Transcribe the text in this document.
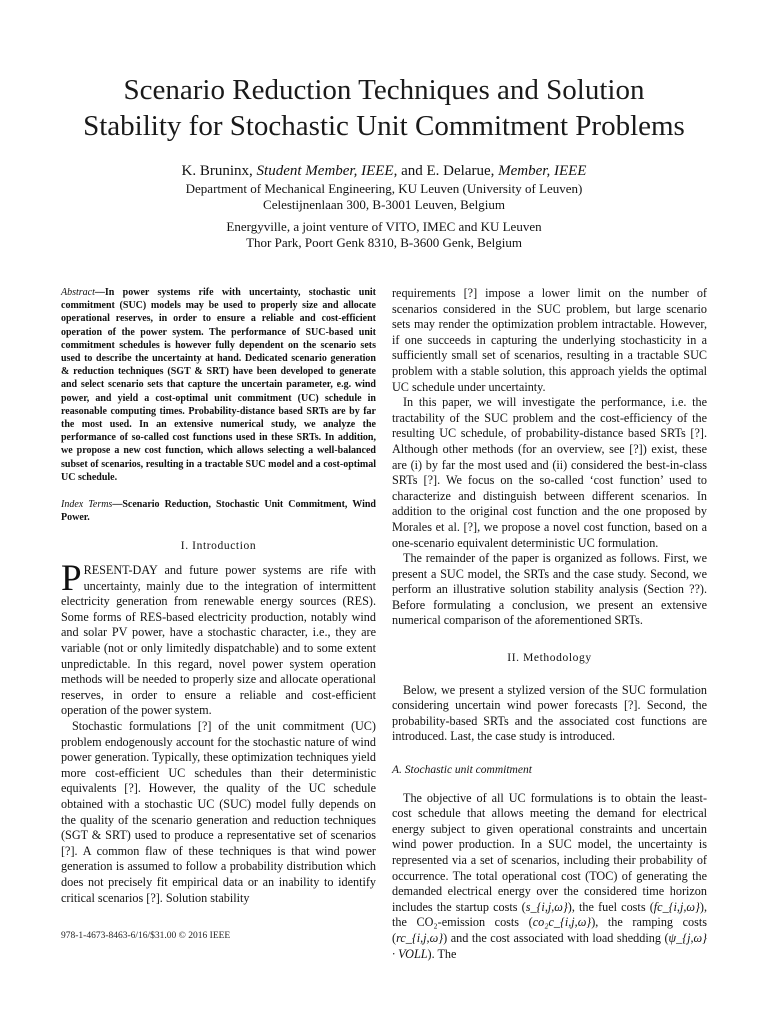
Scenario Reduction Techniques and Solution
Stability for Stochastic Unit Commitment Problems
K. Bruninx, Student Member, IEEE, and E. Delarue, Member, IEEE
Department of Mechanical Engineering, KU Leuven (University of Leuven)
Celestijnenlaan 300, B-3001 Leuven, Belgium
Energyville, a joint venture of VITO, IMEC and KU Leuven
Thor Park, Poort Genk 8310, B-3600 Genk, Belgium
Abstract—In power systems rife with uncertainty, stochastic unit commitment (SUC) models may be used to properly size and allocate operational reserves, in order to ensure a reliable and cost-efficient operation of the power system. The performance of SUC-based unit commitment schedules is however fully dependent on the scenario sets used to describe the uncertainty at hand. Dedicated scenario generation & reduction techniques (SGT & SRT) have been developed to generate and select scenario sets that capture the uncertain parameter, e.g. wind power, and yield a cost-optimal unit commitment (UC) schedule in reasonable computing times. Probability-distance based SRTs are by far the most used. In an extensive numerical study, we analyze the performance of so-called cost functions used in these SRTs. In addition, we propose a new cost function, which allows selecting a well-balanced subset of scenarios, resulting in a tractable SUC model and a cost-optimal UC schedule.
Index Terms—Scenario Reduction, Stochastic Unit Commitment, Wind Power.
I. Introduction

PRESENT-DAY and future power systems are rife with uncertainty, mainly due to the integration of intermittent electricity generation from renewable energy sources (RES). Some forms of RES-based electricity production, notably wind and solar PV power, have a stochastic character, i.e., they are variable (not or only limitedly dispatchable) and to some extent unpredictable. In this regard, novel power system operation methods will be needed to properly size and allocate operational reserves, in order to ensure a reliable and cost-efficient operation of the power system.

Stochastic formulations [?] of the unit commitment (UC) problem endogenously account for the stochastic nature of wind power generation. Typically, these optimization techniques yield more cost-efficient UC schedules than their deterministic equivalents [?]. However, the quality of the UC schedule obtained with a stochastic UC (SUC) model fully depends on the quality of the scenario generation and reduction techniques (SGT & SRT) used to produce a representative set of scenarios [?]. A common flaw of these techniques is that wind power generation is assumed to follow a probability distribution which does not precisely fit empirical data or an inability to identify critical scenarios [?]. Solution stability

requirements [?] impose a lower limit on the number of scenarios considered in the SUC problem, but large scenario sets may render the optimization problem intractable. However, if one succeeds in capturing the underlying stochasticity in a sufficiently small set of scenarios, resulting in a tractable SUC problem with a stable solution, this approach yields the optimal UC schedule under uncertainty.

In this paper, we will investigate the performance, i.e. the tractability of the SUC problem and the cost-efficiency of the resulting UC schedule, of probability-distance based SRTs [?]. Although other methods (for an overview, see [?]) exist, these are (i) by far the most used and (ii) considered the best-in-class SRTs [?]. We focus on the so-called ‘cost function’ used to characterize and distinguish between different scenarios. In addition to the original cost function and the one proposed by Morales et al. [?], we propose a novel cost function, based on a one-scenario equivalent deterministic UC formulation.

The remainder of the paper is organized as follows. First, we present a SUC model, the SRTs and the case study. Second, we perform an illustrative solution stability analysis (Section ??). Before formulating a conclusion, we present an extensive numerical comparison of the aforementioned SRTs.

II. Methodology

Below, we present a stylized version of the SUC formulation considering uncertain wind power forecasts [?]. Second, the probability-based SRTs and the associated cost functions are introduced. Last, the case study is introduced.

A. Stochastic unit commitment

The objective of all UC formulations is to obtain the least-cost schedule that allows meeting the demand for electrical energy subject to given operational constraints and uncertain wind power production. In a SUC model, the uncertainty is represented via a set of scenarios, including their probability of occurrence. The total operational cost (TOC) of generating the demanded electrical energy over the considered time horizon includes the startup costs (s_{i,j,ω}), the fuel costs (fc_{i,j,ω}), the CO₂-emission costs (co₂c_{i,j,ω}), the ramping costs (rc_{i,j,ω}) and the cost associated with load shedding (ψ_{j,ω} · VOLL). The

978-1-4673-8463-6/16/$31.00 © 2016 IEEE
